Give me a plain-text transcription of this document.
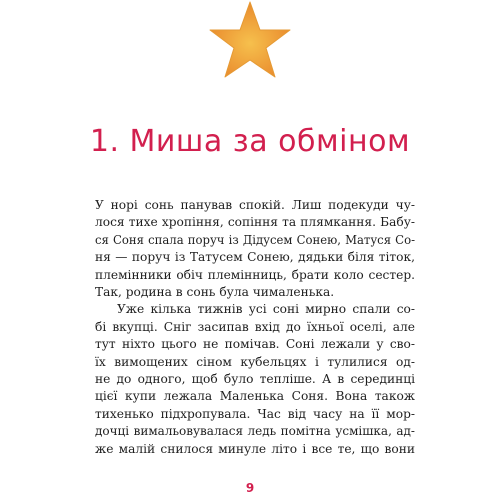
1. Миша за обміном
У норі сонь панував спокій. Лиш подекуди чу-
лося тихе хропіння, сопіння та плямкання. Бабу-
ся Соня спала поруч із Дідусем Сонею, Матуся Со-
ня — поруч із Татусем Сонею, дядьки біля тіток,
племінники обіч племінниць, брати коло сестер.
Так, родина в сонь була чималенька.
Уже кілька тижнів усі соні мирно спали со-
бі вкупці. Сніг засипав вхід до їхньої оселі, але
тут ніхто цього не помічав. Соні лежали у сво-
їх вимощених сіном кубельцях і тулилися од-
не до одного, щоб було тепліше. А в серединці
цієї купи лежала Маленька Соня. Вона також
тихенько підхропувала. Час від часу на її мор-
дочці вимальовувалася ледь помітна усмішка, ад-
же малій снилося минуле літо і все те, що вони
9
